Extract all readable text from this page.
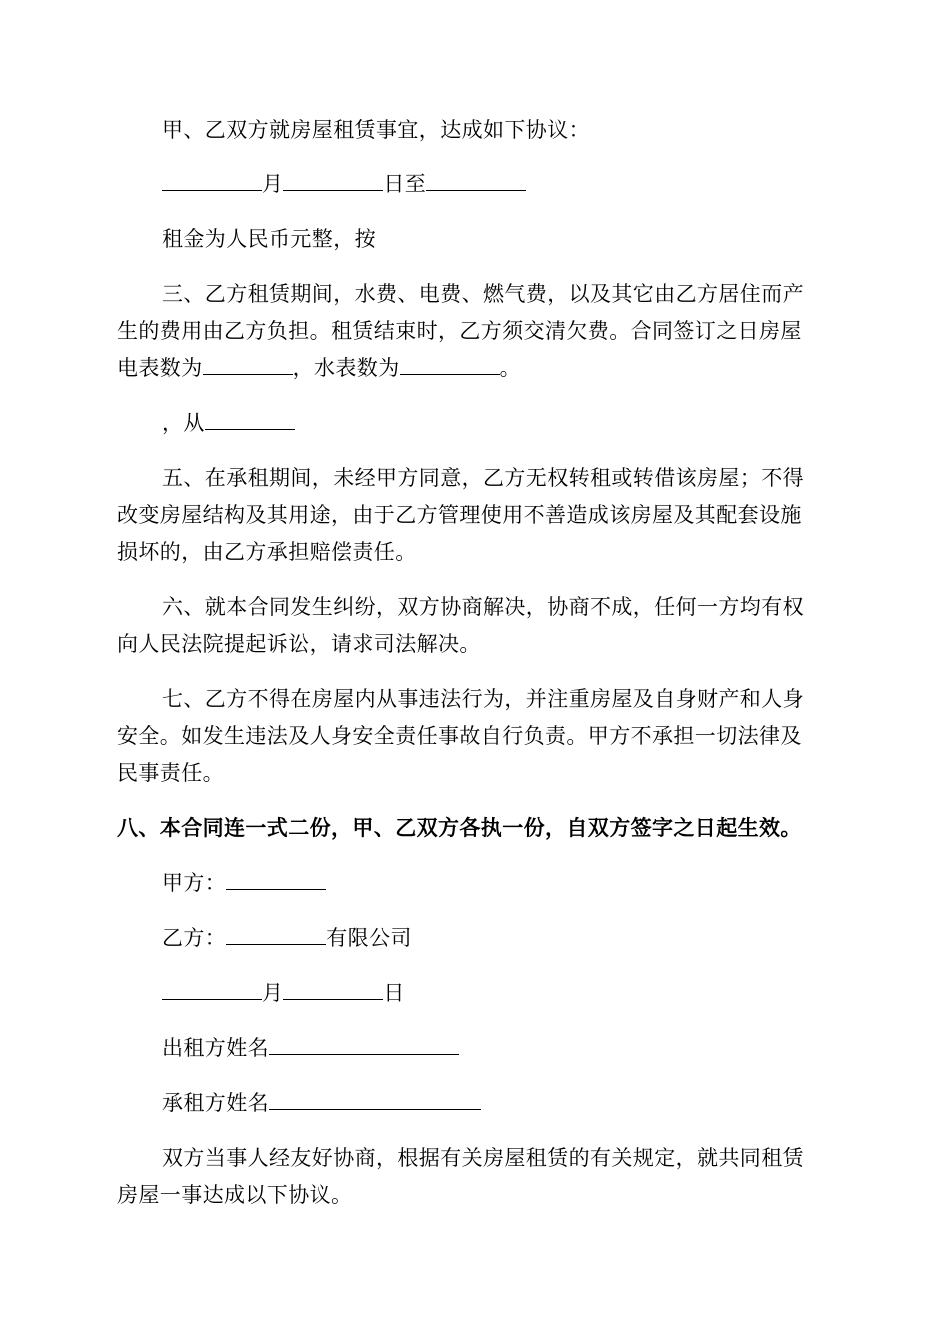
甲、乙双方就房屋租赁事宜，达成如下协议：
月	日至
租金为人民币元整，按
三、乙方租赁期间，水费、电费、燃气费，以及其它由乙方居住而产
生的费用由乙方负担。租赁结束时，乙方须交清欠费。合同签订之日房屋
电表数为	，水表数为	。
，从
五、在承租期间，未经甲方同意，乙方无权转租或转借该房屋；不得
改变房屋结构及其用途，由于乙方管理使用不善造成该房屋及其配套设施
损坏的，由乙方承担赔偿责任。
六、就本合同发生纠纷，双方协商解决，协商不成，任何一方均有权
向人民法院提起诉讼，请求司法解决。
七、乙方不得在房屋内从事违法行为，并注重房屋及自身财产和人身
安全。如发生违法及人身安全责任事故自行负责。甲方不承担一切法律及
民事责任。
八、本合同连一式二份，甲、乙双方各执一份，自双方签字之日起生效。
甲方：
乙方：	有限公司
月	日
出租方姓名
承租方姓名
双方当事人经友好协商，根据有关房屋租赁的有关规定，就共同租赁
房屋一事达成以下协议。
